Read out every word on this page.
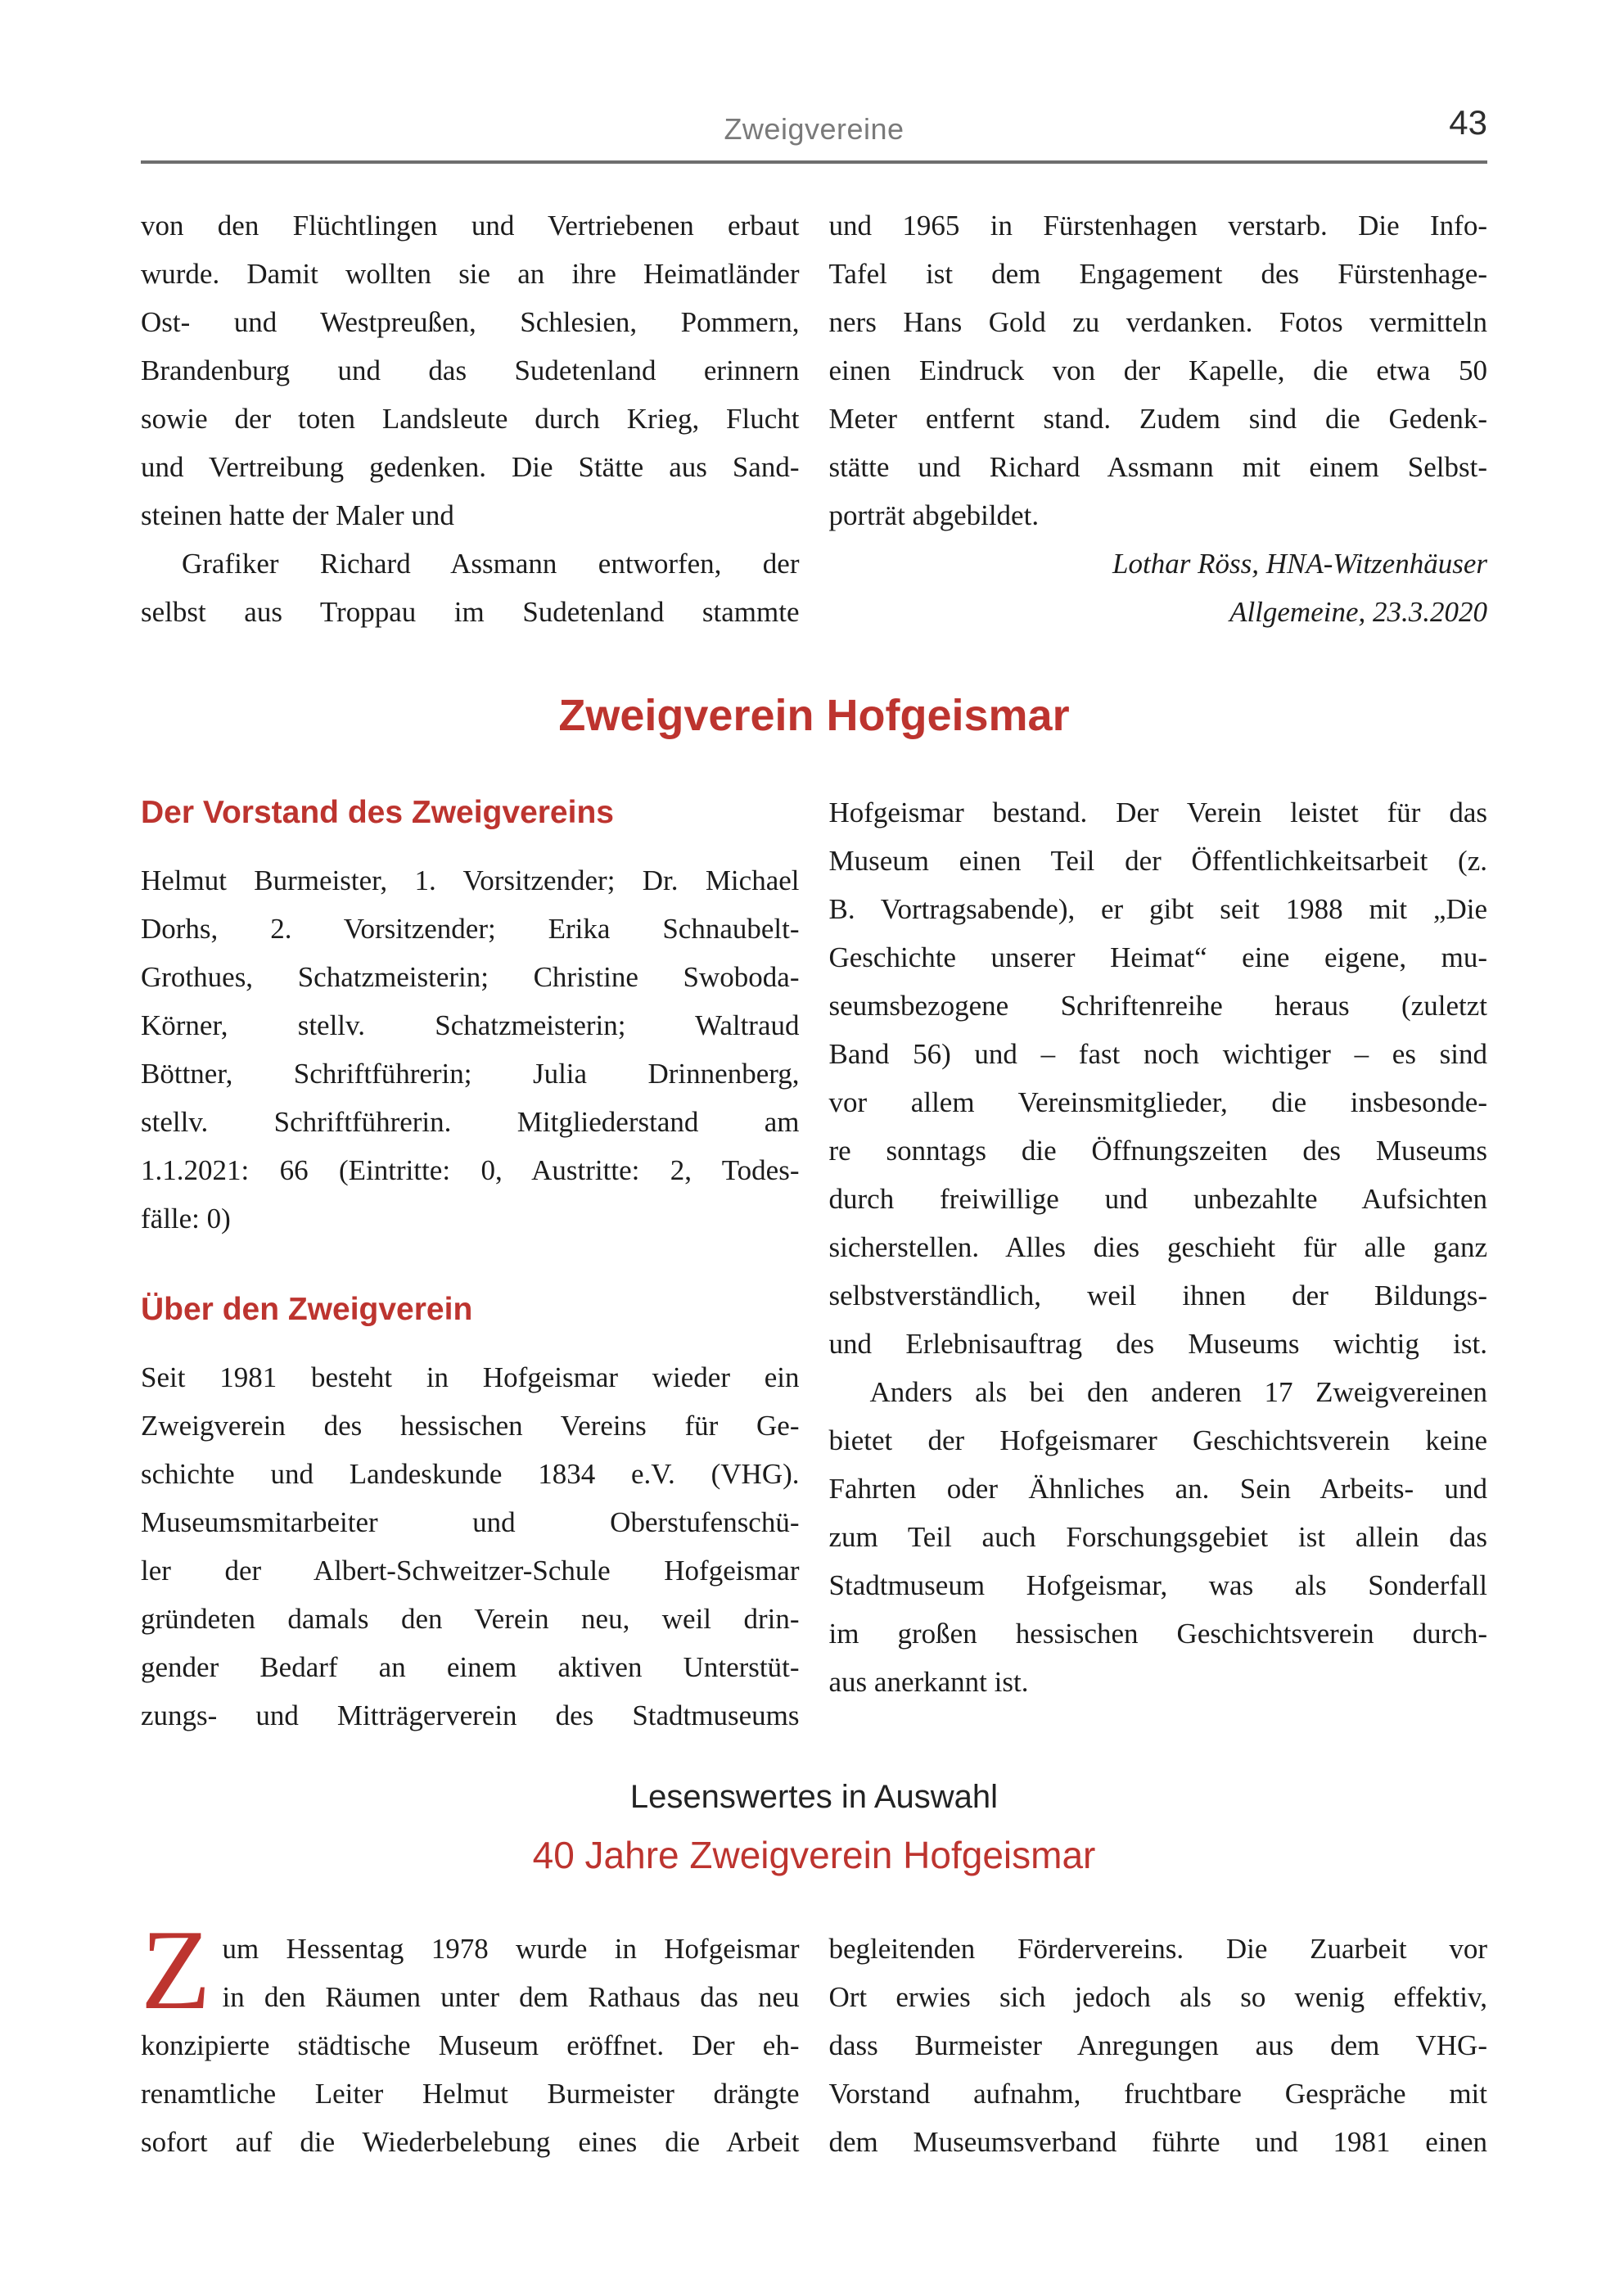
Zweigvereine	43
von den Flüchtlingen und Vertriebenen erbaut
wurde. Damit wollten sie an ihre Heimatländer
Ost- und Westpreußen, Schlesien, Pommern,
Brandenburg und das Sudetenland erinnern
sowie der toten Landsleute durch Krieg, Flucht
und Vertreibung gedenken. Die Stätte aus Sand-
steinen hatte der Maler und
Grafiker Richard Assmann entworfen, der
selbst aus Troppau im Sudetenland stammte
und 1965 in Fürstenhagen verstarb. Die Info-
Tafel ist dem Engagement des Fürstenhage-
ners Hans Gold zu verdanken. Fotos vermitteln
einen Eindruck von der Kapelle, die etwa 50
Meter entfernt stand. Zudem sind die Gedenk-
stätte und Richard Assmann mit einem Selbst-
porträt abgebildet.
Lothar Röss, HNA-Witzenhäuser
Allgemeine, 23.3.2020
Zweigverein Hofgeismar
Der Vorstand des Zweigvereins
Helmut Burmeister, 1. Vorsitzender; Dr. Michael
Dorhs, 2. Vorsitzender; Erika Schnaubelt-
Grothues, Schatzmeisterin; Christine Swoboda-
Körner, stellv. Schatzmeisterin; Waltraud
Böttner, Schriftführerin; Julia Drinnenberg,
stellv. Schriftführerin. Mitgliederstand am
1.1.2021: 66 (Eintritte: 0, Austritte: 2, Todes-
fälle: 0)
Über den Zweigverein
Seit 1981 besteht in Hofgeismar wieder ein
Zweigverein des hessischen Vereins für Ge-
schichte und Landeskunde 1834 e.V. (VHG).
Museumsmitarbeiter und Oberstufenschü-
ler der Albert-Schweitzer-Schule Hofgeismar
gründeten damals den Verein neu, weil drin-
gender Bedarf an einem aktiven Unterstüt-
zungs- und Mitträgerverein des Stadtmuseums
Hofgeismar bestand. Der Verein leistet für das
Museum einen Teil der Öffentlichkeitsarbeit (z.
B. Vortragsabende), er gibt seit 1988 mit „Die
Geschichte unserer Heimat“ eine eigene, mu-
seumsbezogene Schriftenreihe heraus (zuletzt
Band 56) und – fast noch wichtiger – es sind
vor allem Vereinsmitglieder, die insbesonde-
re sonntags die Öffnungszeiten des Museums
durch freiwillige und unbezahlte Aufsichten
sicherstellen. Alles dies geschieht für alle ganz
selbstverständlich, weil ihnen der Bildungs-
und Erlebnisauftrag des Museums wichtig ist.
Anders als bei den anderen 17 Zweigvereinen
bietet der Hofgeismarer Geschichtsverein keine
Fahrten oder Ähnliches an. Sein Arbeits- und
zum Teil auch Forschungsgebiet ist allein das
Stadtmuseum Hofgeismar, was als Sonderfall
im großen hessischen Geschichtsverein durch-
aus anerkannt ist.
Lesenswertes in Auswahl
40 Jahre Zweigverein Hofgeismar
Z um Hessentag 1978 wurde in Hofgeismar
in den Räumen unter dem Rathaus das neu
konzipierte städtische Museum eröffnet. Der eh-
renamtliche Leiter Helmut Burmeister drängte
sofort auf die Wiederbelebung eines die Arbeit
begleitenden Fördervereins. Die Zuarbeit vor
Ort erwies sich jedoch als so wenig effektiv,
dass Burmeister Anregungen aus dem VHG-
Vorstand aufnahm, fruchtbare Gespräche mit
dem Museumsverband führte und 1981 einen
